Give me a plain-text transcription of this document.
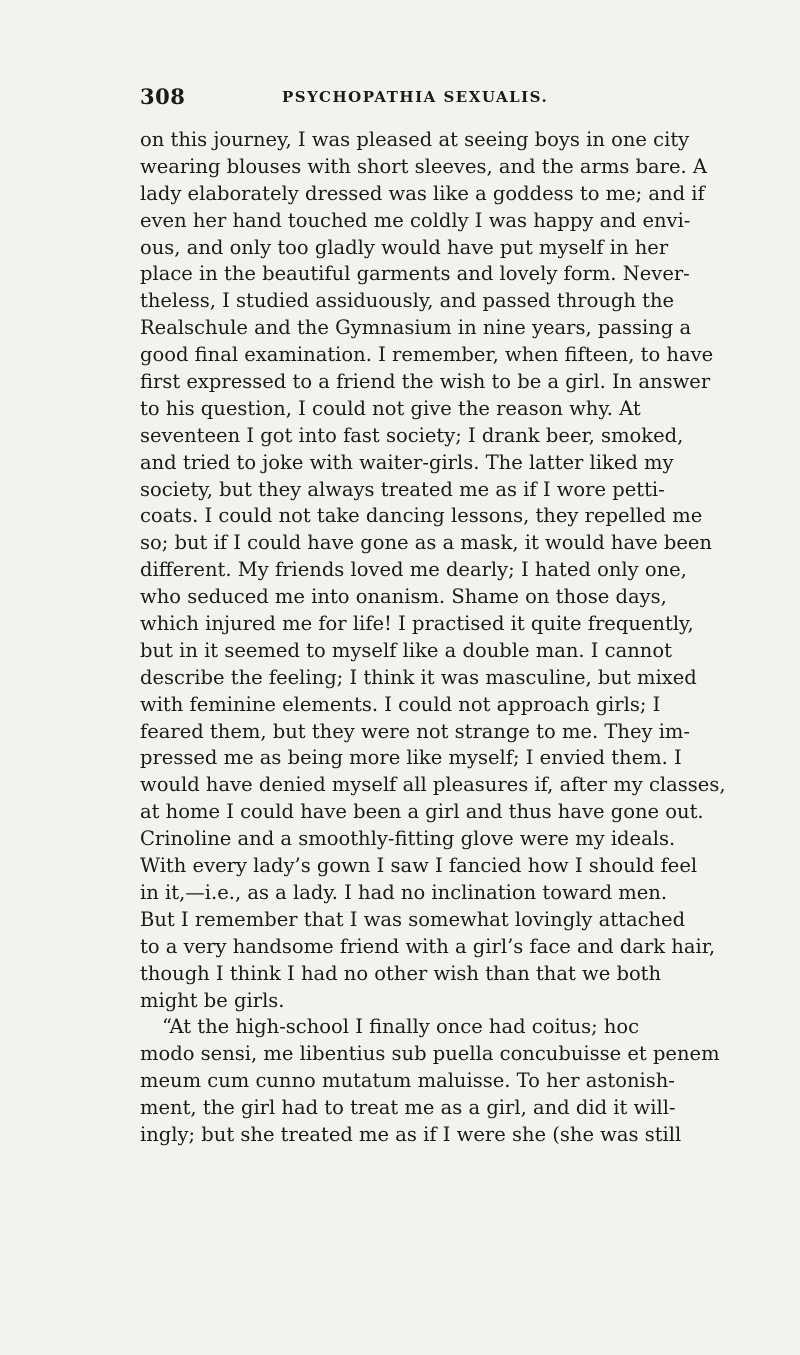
308	PSYCHOPATHIA SEXUALIS.
on this journey, I was pleased at seeing boys in one city
wearing blouses with short sleeves, and the arms bare. A
lady elaborately dressed was like a goddess to me; and if
even her hand touched me coldly I was happy and envi-
ous, and only too gladly would have put myself in her
place in the beautiful garments and lovely form. Never-
theless, I studied assiduously, and passed through the
Realschule and the Gymnasium in nine years, passing a
good final examination. I remember, when fifteen, to have
first expressed to a friend the wish to be a girl. In answer
to his question, I could not give the reason why. At
seventeen I got into fast society; I drank beer, smoked,
and tried to joke with waiter-girls. The latter liked my
society, but they always treated me as if I wore petti-
coats. I could not take dancing lessons, they repelled me
so; but if I could have gone as a mask, it would have been
different. My friends loved me dearly; I hated only one,
who seduced me into onanism. Shame on those days,
which injured me for life! I practised it quite frequently,
but in it seemed to myself like a double man. I cannot
describe the feeling; I think it was masculine, but mixed
with feminine elements. I could not approach girls; I
feared them, but they were not strange to me. They im-
pressed me as being more like myself; I envied them. I
would have denied myself all pleasures if, after my classes,
at home I could have been a girl and thus have gone out.
Crinoline and a smoothly-fitting glove were my ideals.
With every lady’s gown I saw I fancied how I should feel
in it,—i.e., as a lady. I had no inclination toward men.
But I remember that I was somewhat lovingly attached
to a very handsome friend with a girl’s face and dark hair,
though I think I had no other wish than that we both
might be girls.
“At the high-school I finally once had coitus; hoc
modo sensi, me libentius sub puella concubuisse et penem
meum cum cunno mutatum maluisse. To her astonish-
ment, the girl had to treat me as a girl, and did it will-
ingly; but she treated me as if I were she (she was still
